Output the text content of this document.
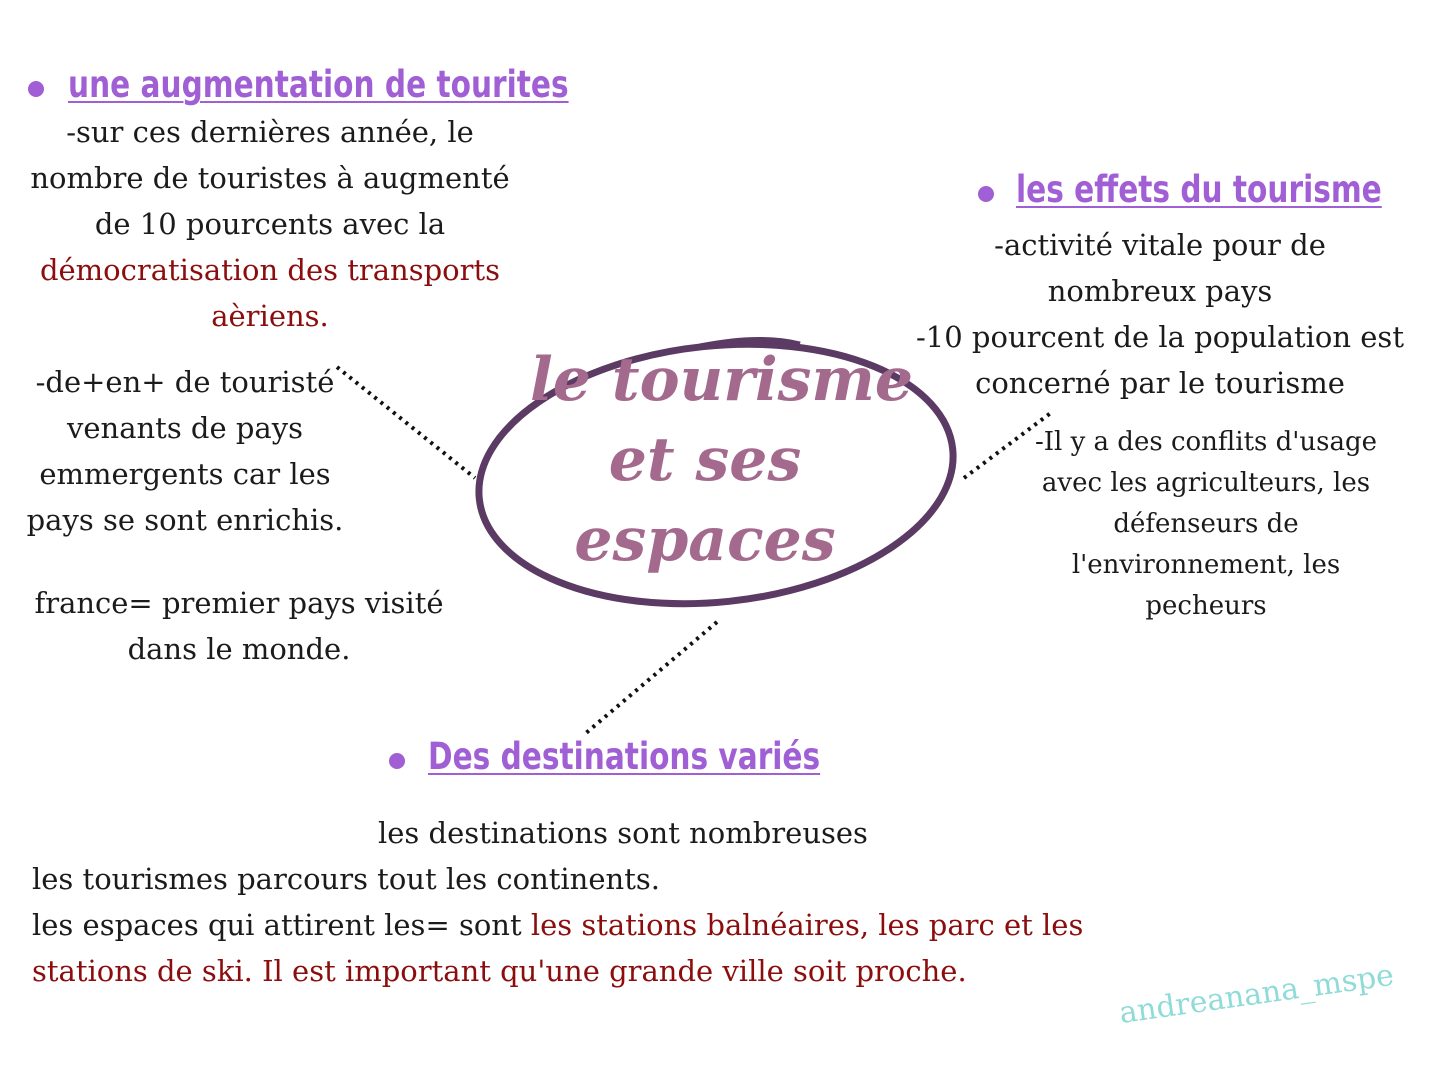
le tourisme
et ses
espaces
une augmentation de tourites
-sur ces dernières année, le
nombre de touristes à augmenté
de 10 pourcents avec la
démocratisation des transports
aèriens.
-de+en+ de touristé
venants de pays
emmergents car les
pays se sont enrichis.
france= premier pays visité
dans le monde.
les effets du tourisme
-activité vitale pour de
nombreux pays
-10 pourcent de la population est
concerné par le tourisme
-Il y a des conflits d'usage
avec les agriculteurs, les
défenseurs de
l'environnement, les
pecheurs
Des destinations variés
les destinations sont nombreuses
les tourismes parcours tout les continents.
les espaces qui attirent les= sont les stations balnéaires, les parc et les
stations de ski. Il est important qu'une grande ville soit proche.	andreanana_mspe
